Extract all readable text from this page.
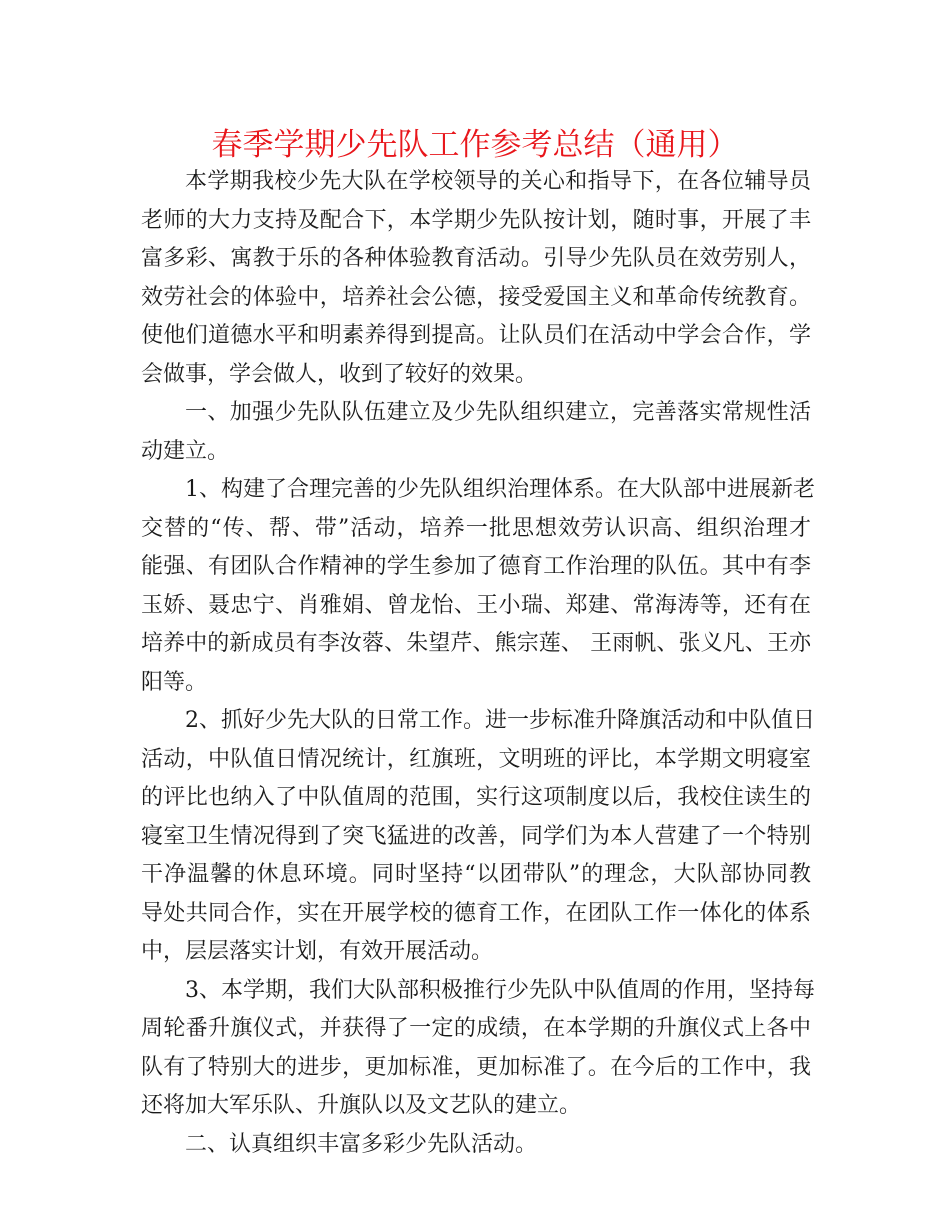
春季学期少先队工作参考总结（通用）
本学期我校少先大队在学校领导的关心和指导下，在各位辅导员
老师的大力支持及配合下，本学期少先队按计划，随时事，开展了丰
富多彩、寓教于乐的各种体验教育活动。引导少先队员在效劳别人，
效劳社会的体验中，培养社会公德，接受爱国主义和革命传统教育。
使他们道德水平和明素养得到提高。让队员们在活动中学会合作，学
会做事，学会做人，收到了较好的效果。
一、加强少先队队伍建立及少先队组织建立，完善落实常规性活
动建立。
1、构建了合理完善的少先队组织治理体系。在大队部中进展新老
交替的“传、帮、带”活动，培养一批思想效劳认识高、组织治理才
能强、有团队合作精神的学生参加了德育工作治理的队伍。其中有李
玉娇、聂忠宁、肖雅娟、曾龙怡、王小瑞、郑建、常海涛等，还有在
培养中的新成员有李汝蓉、朱望芹、熊宗莲、 王雨帆、张义凡、王亦
阳等。
2、抓好少先大队的日常工作。进一步标准升降旗活动和中队值日
活动，中队值日情况统计，红旗班，文明班的评比，本学期文明寝室
的评比也纳入了中队值周的范围，实行这项制度以后，我校住读生的
寝室卫生情况得到了突飞猛进的改善，同学们为本人营建了一个特别
干净温馨的休息环境。同时坚持“以团带队”的理念，大队部协同教
导处共同合作，实在开展学校的德育工作，在团队工作一体化的体系
中，层层落实计划，有效开展活动。
3、本学期，我们大队部积极推行少先队中队值周的作用，坚持每
周轮番升旗仪式，并获得了一定的成绩，在本学期的升旗仪式上各中
队有了特别大的进步，更加标准，更加标准了。在今后的工作中，我
还将加大军乐队、升旗队以及文艺队的建立。
二、认真组织丰富多彩少先队活动。
